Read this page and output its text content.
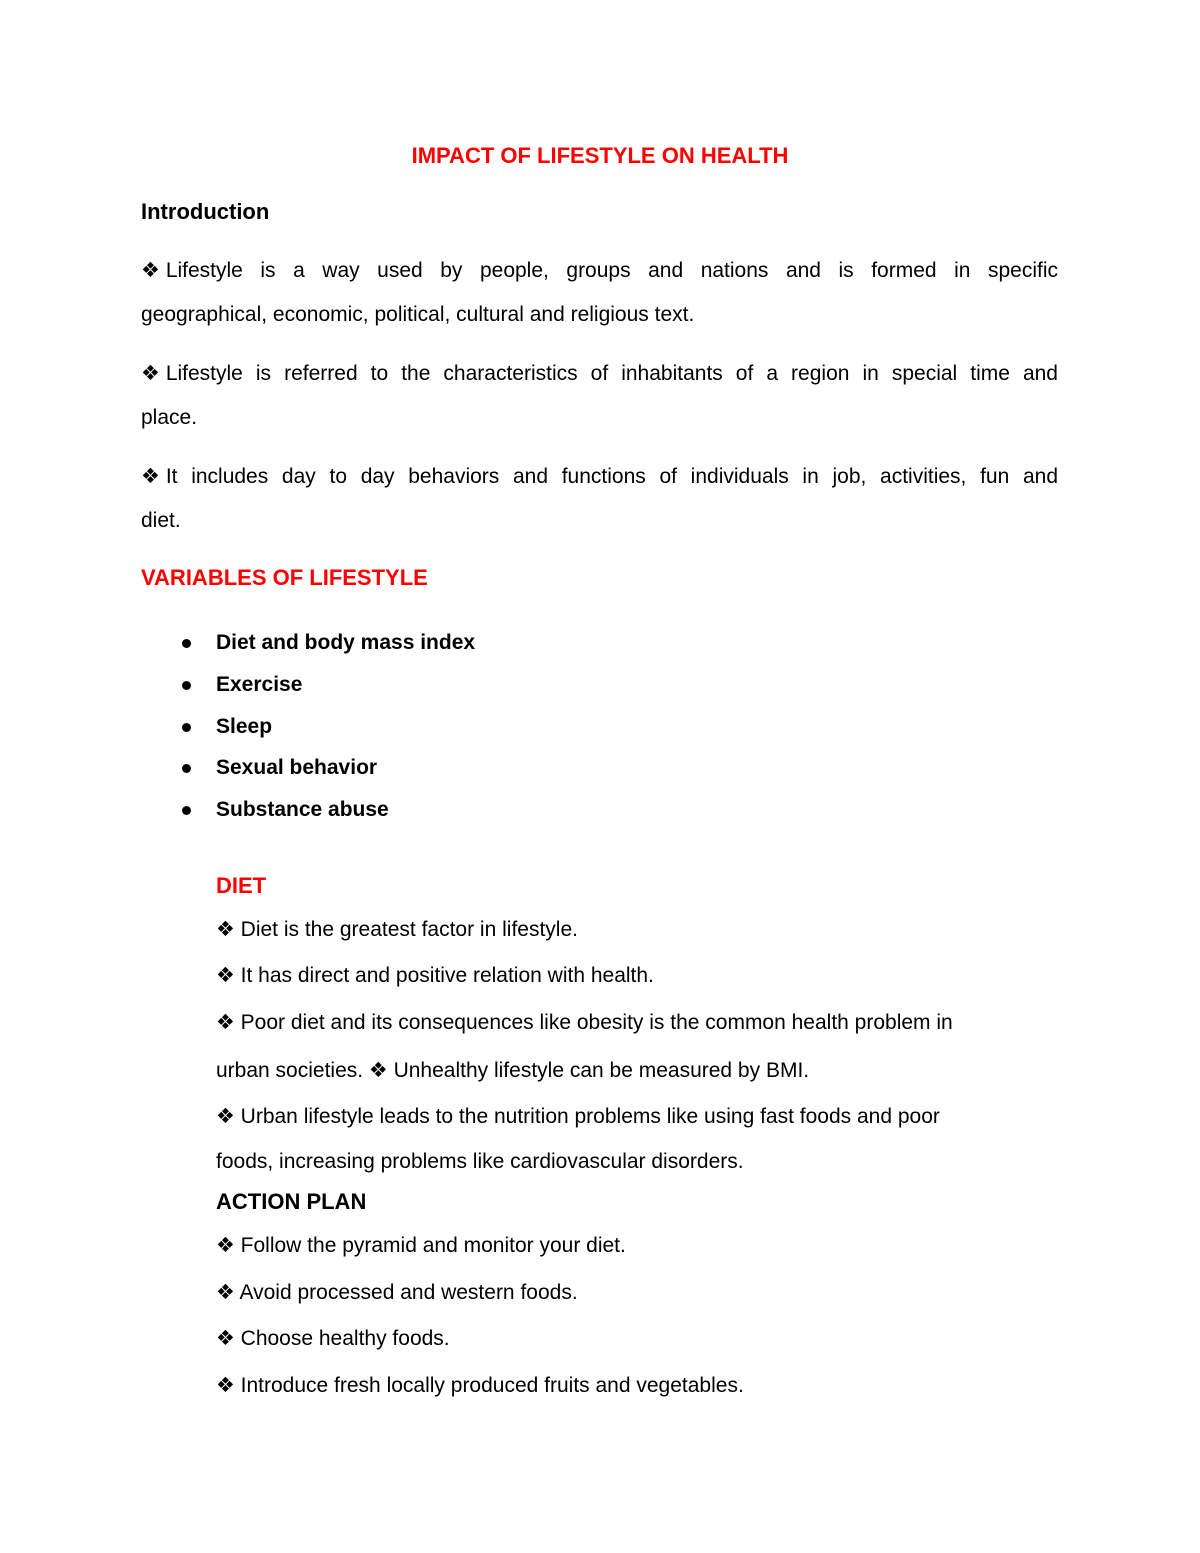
IMPACT OF LIFESTYLE ON HEALTH
Introduction
❖ Lifestyle is a way used by people, groups and nations and is formed in specific
geographical, economic, political, cultural and religious text.
❖ Lifestyle is referred to the characteristics of inhabitants of a region in special time and
place.
❖ It includes day to day behaviors and functions of individuals in job, activities, fun and
diet.
VARIABLES OF LIFESTYLE
Diet and body mass index
Exercise
Sleep
Sexual behavior
Substance abuse
DIET

❖ Diet is the greatest factor in lifestyle.

❖ It has direct and positive relation with health.

❖ Poor diet and its consequences like obesity is the common health problem in

urban societies. ❖ Unhealthy lifestyle can be measured by BMI.

❖ Urban lifestyle leads to the nutrition problems like using fast foods and poor

foods, increasing problems like cardiovascular disorders.

ACTION PLAN

❖ Follow the pyramid and monitor your diet.

❖ Avoid processed and western foods.

❖ Choose healthy foods.

❖ Introduce fresh locally produced fruits and vegetables.
